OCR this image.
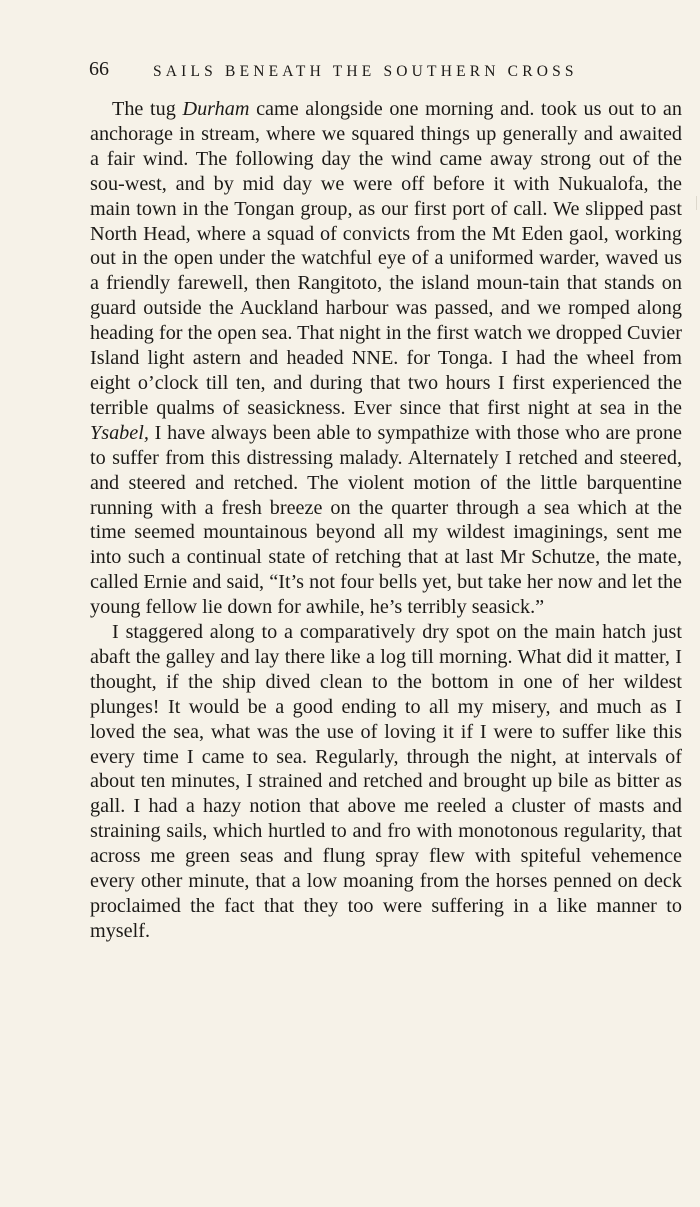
66	SAILS BENEATH THE SOUTHERN CROSS

The tug Durham came alongside one morning and. took us out to an anchorage in stream, where we squared things up generally and awaited a fair wind. The following day the wind came away strong out of the sou-west, and by mid day we were off before it with Nukualofa, the main town in the Tongan group, as our first port of call. We slipped past North Head, where a squad of convicts from the Mt Eden gaol, working out in the open under the watchful eye of a uniformed warder, waved us a friendly farewell, then Rangitoto, the island moun-tain that stands on guard outside the Auckland harbour was passed, and we romped along heading for the open sea. That night in the first watch we dropped Cuvier Island light astern and headed NNE. for Tonga. I had the wheel from eight o’clock till ten, and during that two hours I first experienced the terrible qualms of seasickness. Ever since that first night at sea in the Ysabel, I have always been able to sympathize with those who are prone to suffer from this distressing malady. Alternately I retched and steered, and steered and retched. The violent motion of the little barquentine running with a fresh breeze on the quarter through a sea which at the time seemed mountainous beyond all my wildest imaginings, sent me into such a continual state of retching that at last Mr Schutze, the mate, called Ernie and said, “It’s not four bells yet, but take her now and let the young fellow lie down for awhile, he’s terribly seasick.”

I staggered along to a comparatively dry spot on the main hatch just abaft the galley and lay there like a log till morning. What did it matter, I thought, if the ship dived clean to the bottom in one of her wildest plunges! It would be a good ending to all my misery, and much as I loved the sea, what was the use of loving it if I were to suffer like this every time I came to sea. Regularly, through the night, at intervals of about ten minutes, I strained and retched and brought up bile as bitter as gall. I had a hazy notion that above me reeled a cluster of masts and straining sails, which hurtled to and fro with monotonous regularity, that across me green seas and flung spray flew with spiteful vehemence every other minute, that a low moaning from the horses penned on deck proclaimed the fact that they too were suffering in a like manner to myself.
